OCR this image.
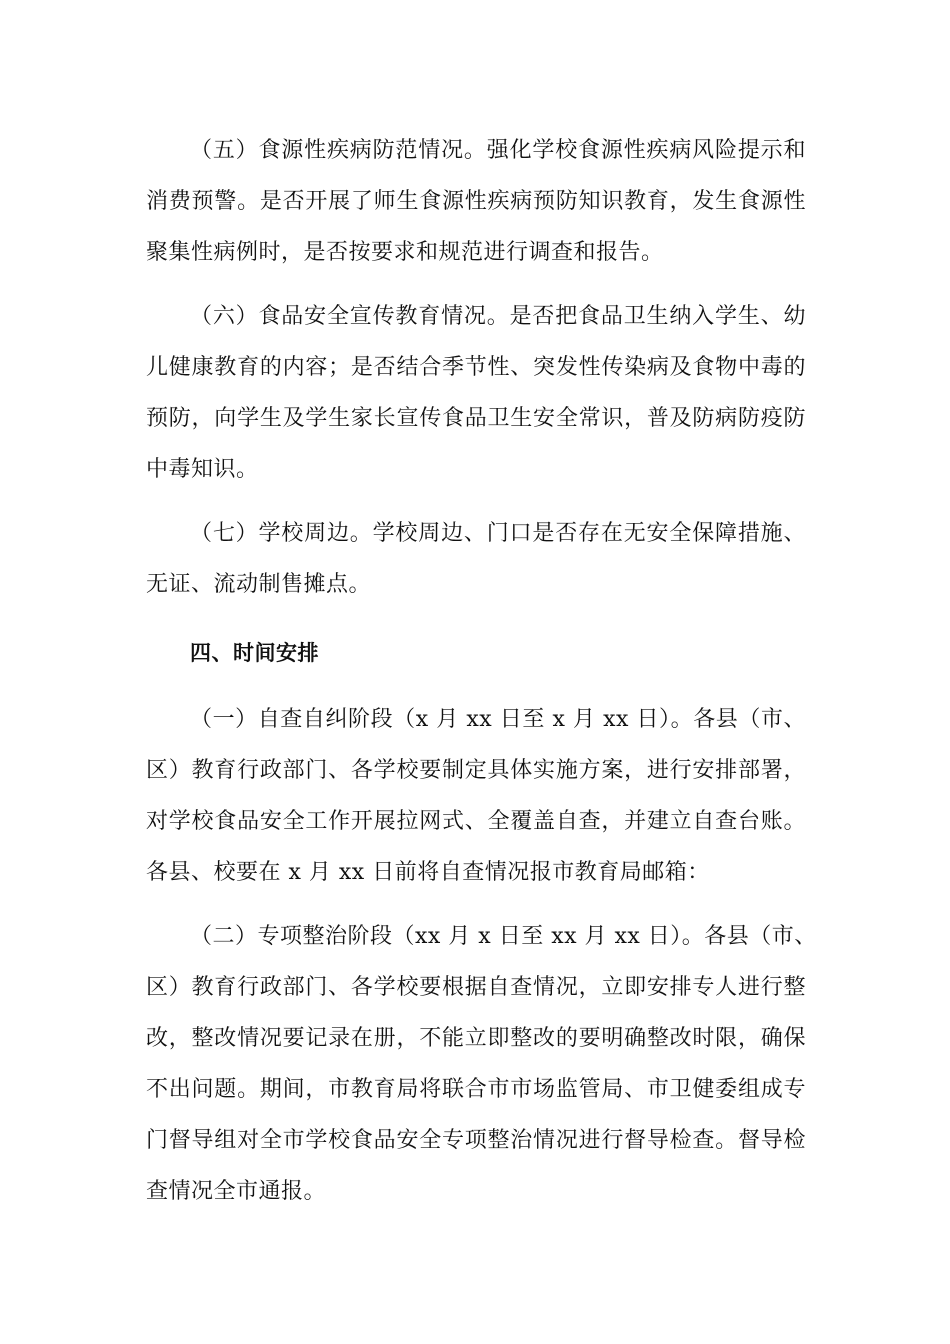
（五）食源性疾病防范情况。强化学校食源性疾病风险提示和
消费预警。是否开展了师生食源性疾病预防知识教育，发生食源性
聚集性病例时，是否按要求和规范进行调查和报告。
（六）食品安全宣传教育情况。是否把食品卫生纳入学生、幼
儿健康教育的内容；是否结合季节性、突发性传染病及食物中毒的
预防，向学生及学生家长宣传食品卫生安全常识，普及防病防疫防
中毒知识。
（七）学校周边。学校周边、门口是否存在无安全保障措施、
无证、流动制售摊点。
四、时间安排
（一）自查自纠阶段（x 月 xx 日至 x 月 xx 日）。各县（市、
区）教育行政部门、各学校要制定具体实施方案，进行安排部署，
对学校食品安全工作开展拉网式、全覆盖自查，并建立自查台账。
各县、校要在 x 月 xx 日前将自查情况报市教育局邮箱：
（二）专项整治阶段（xx 月 x 日至 xx 月 xx 日）。各县（市、
区）教育行政部门、各学校要根据自查情况，立即安排专人进行整
改，整改情况要记录在册，不能立即整改的要明确整改时限，确保
不出问题。期间，市教育局将联合市市场监管局、市卫健委组成专
门督导组对全市学校食品安全专项整治情况进行督导检查。督导检
查情况全市通报。
